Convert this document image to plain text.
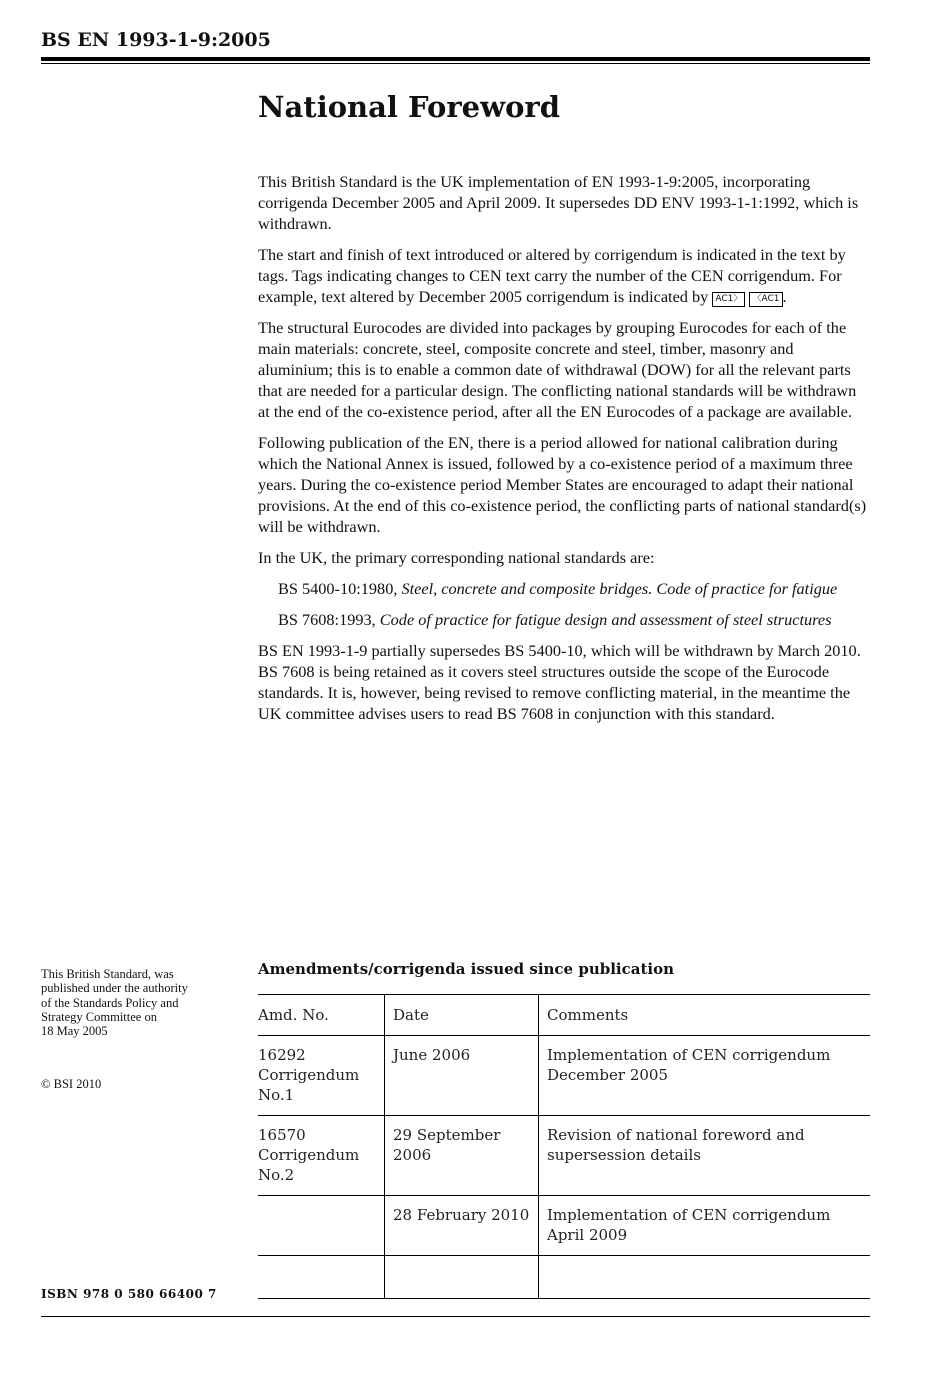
BS EN 1993-1-9:2005
National Foreword

This British Standard is the UK implementation of EN 1993-1-9:2005, incorporating corrigenda December 2005 and April 2009. It supersedes DD ENV 1993-1-1:1992, which is withdrawn.

The start and finish of text introduced or altered by corrigendum is indicated in the text by tags. Tags indicating changes to CEN text carry the number of the CEN corrigendum. For example, text altered by December 2005 corrigendum is indicated by AC1〉 〈AC1 .

The structural Eurocodes are divided into packages by grouping Eurocodes for each of the main materials: concrete, steel, composite concrete and steel, timber, masonry and aluminium; this is to enable a common date of withdrawal (DOW) for all the relevant parts that are needed for a particular design. The conflicting national standards will be withdrawn at the end of the co-existence period, after all the EN Eurocodes of a package are available.

Following publication of the EN, there is a period allowed for national calibration during which the National Annex is issued, followed by a co-existence period of a maximum three years. During the co-existence period Member States are encouraged to adapt their national provisions. At the end of this co-existence period, the conflicting parts of national standard(s) will be withdrawn.

In the UK, the primary corresponding national standards are:

BS 5400-10:1980, Steel, concrete and composite bridges. Code of practice for fatigue

BS 7608:1993, Code of practice for fatigue design and assessment of steel structures

BS EN 1993-1-9 partially supersedes BS 5400-10, which will be withdrawn by March 2010. BS 7608 is being retained as it covers steel structures outside the scope of the Eurocode standards. It is, however, being revised to remove conflicting material, in the meantime the UK committee advises users to read BS 7608 in conjunction with this standard.

This British Standard, was
published under the authority
of the Standards Policy and
Strategy Committee on
18 May 2005
© BSI 2010
ISBN 978 0 580 66400 7
Amendments/corrigenda issued since publication
Amd. No.	Date	Comments
16292 Corrigendum No.1	June 2006	Implementation of CEN corrigendum December 2005
16570 Corrigendum No.2	29 September 2006	Revision of national foreword and supersession details
	28 February 2010	Implementation of CEN corrigendum April 2009
